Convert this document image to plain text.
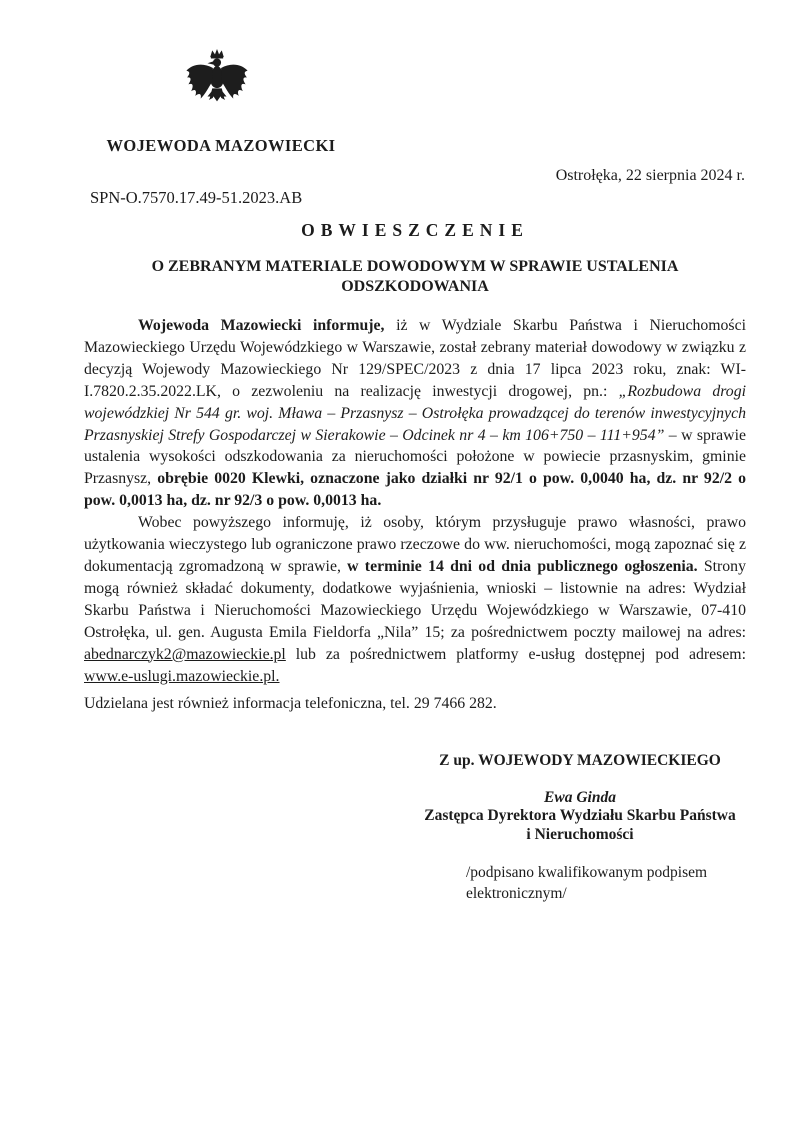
WOJEWODA MAZOWIECKI
Ostrołęka, 22 sierpnia 2024 r.
SPN-O.7570.17.49-51.2023.AB
OBWIESZCZENIE
O ZEBRANYM MATERIALE DOWODOWYM W SPRAWIE USTALENIA
ODSZKODOWANIA

Wojewoda Mazowiecki informuje, iż w Wydziale Skarbu Państwa i Nieruchomości Mazowieckiego Urzędu Wojewódzkiego w Warszawie, został zebrany materiał dowodowy w związku z decyzją Wojewody Mazowieckiego Nr 129/SPEC/2023 z dnia 17 lipca 2023 roku, znak: WI-I.7820.2.35.2022.LK, o zezwoleniu na realizację inwestycji drogowej, pn.: „Rozbudowa drogi wojewódzkiej Nr 544 gr. woj. Mława – Przasnysz – Ostrołęka prowadzącej do terenów inwestycyjnych Przasnyskiej Strefy Gospodarczej w Sierakowie – Odcinek nr 4 – km 106+750 – 111+954” – w sprawie ustalenia wysokości odszkodowania za nieruchomości położone w powiecie przasnyskim, gminie Przasnysz, obrębie 0020 Klewki, oznaczone jako działki nr 92/1 o pow. 0,0040 ha, dz. nr 92/2 o pow. 0,0013 ha, dz. nr 92/3 o pow. 0,0013 ha.

Wobec powyższego informuję, iż osoby, którym przysługuje prawo własności, prawo użytkowania wieczystego lub ograniczone prawo rzeczowe do ww. nieruchomości, mogą zapoznać się z dokumentacją zgromadzoną w sprawie, w terminie 14 dni od dnia publicznego ogłoszenia. Strony mogą również składać dokumenty, dodatkowe wyjaśnienia, wnioski – listownie na adres: Wydział Skarbu Państwa i Nieruchomości Mazowieckiego Urzędu Wojewódzkiego w Warszawie, 07-410 Ostrołęka, ul. gen. Augusta Emila Fieldorfa „Nila” 15; za pośrednictwem poczty mailowej na adres: abednarczyk2@mazowieckie.pl lub za pośrednictwem platformy e-usług dostępnej pod adresem: www.e-uslugi.mazowieckie.pl.

Udzielana jest również informacja telefoniczna, tel. 29 7466 282.

Z up. WOJEWODY MAZOWIECKIEGO
Ewa Ginda
Zastępca Dyrektora Wydziału Skarbu Państwa
i Nieruchomości
/podpisano kwalifikowanym podpisem
elektronicznym/
